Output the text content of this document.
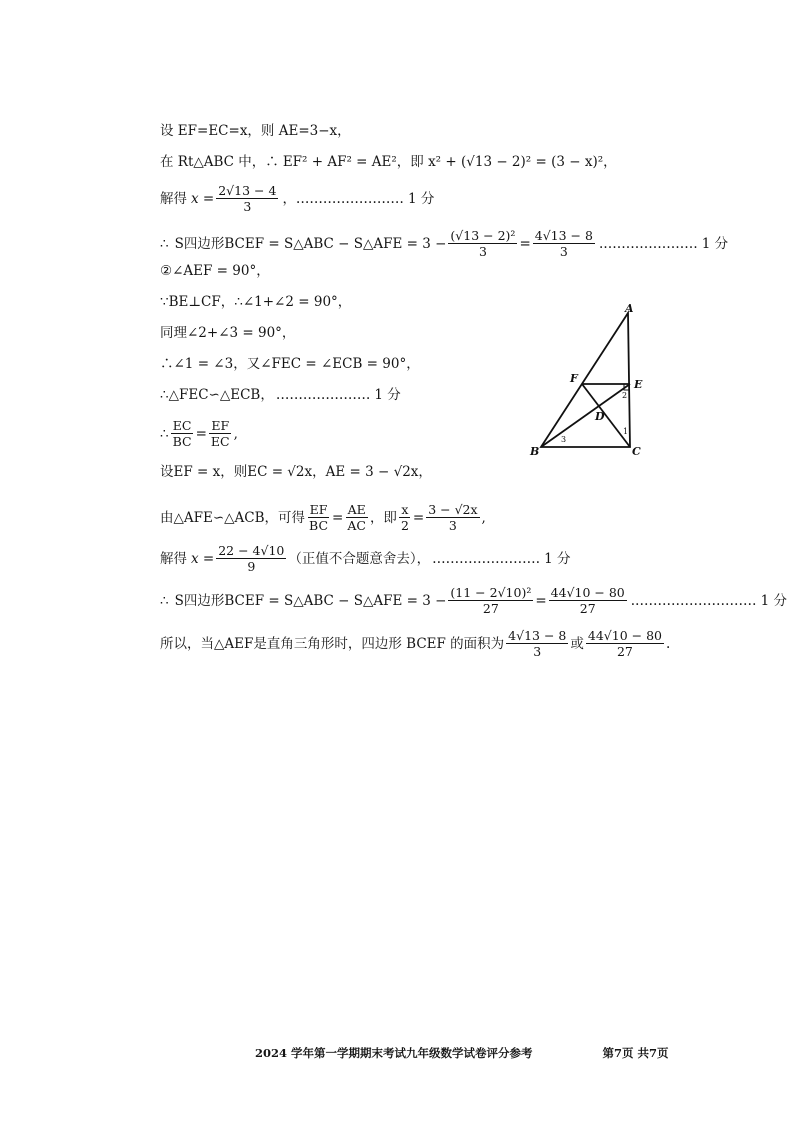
设 EF=EC=x，则 AE=3−x，
在 Rt△ABC 中，∴ EF² + AF² = AE²，即 x² + (√13 − 2)² = (3 − x)²，
解得 $x = \frac{2√13 - 4}{3}$ ，…………………… 1 分
∴ S四边形BCEF = S△ABC − S△AFE = $3 - \frac{\text{(√13 − 2)²}}{3} = \frac{4√13 - 8}{3}$ .………………… 1 分
②∠AEF = 90°，
∵BE⊥CF，∴∠1+∠2 = 90°，
同理∠2+∠3 = 90°，
∴∠1 = ∠3，又∠FEC = ∠ECB = 90°，
∴△FEC∽△ECB， ………………… 1 分
∴ $\frac{EC}{BC} = \frac{EF}{EC}$ ,
设EF = x，则EC = √2x，AE = 3 − √2x，
由△AFE∽△ACB，可得 $\frac{EF}{BC} = \frac{AE}{AC}$ ，即 $\frac{x}{2} = \frac{3 - √2x}{3}$ ,
解得 $x = \frac{22 - 4√10}{9}$ （正值不合题意舍去）， …………………… 1 分
∴ S四边形BCEF = S△ABC − S△AFE = $3 - \frac{\text{(11 − 2√10)²}}{27} = \frac{44√10 - 80}{27}$ .……………………… 1 分
所以，当△AEF是直角三角形时，四边形 BCEF 的面积为 $\frac{4√13 - 8}{3}$ 或 $\frac{44√10 - 80}{27}$ .
A
E
F
D
B	C
1
2
3
2024 学年第一学期期末考试九年级数学试卷评分参考	第7页 共7页
